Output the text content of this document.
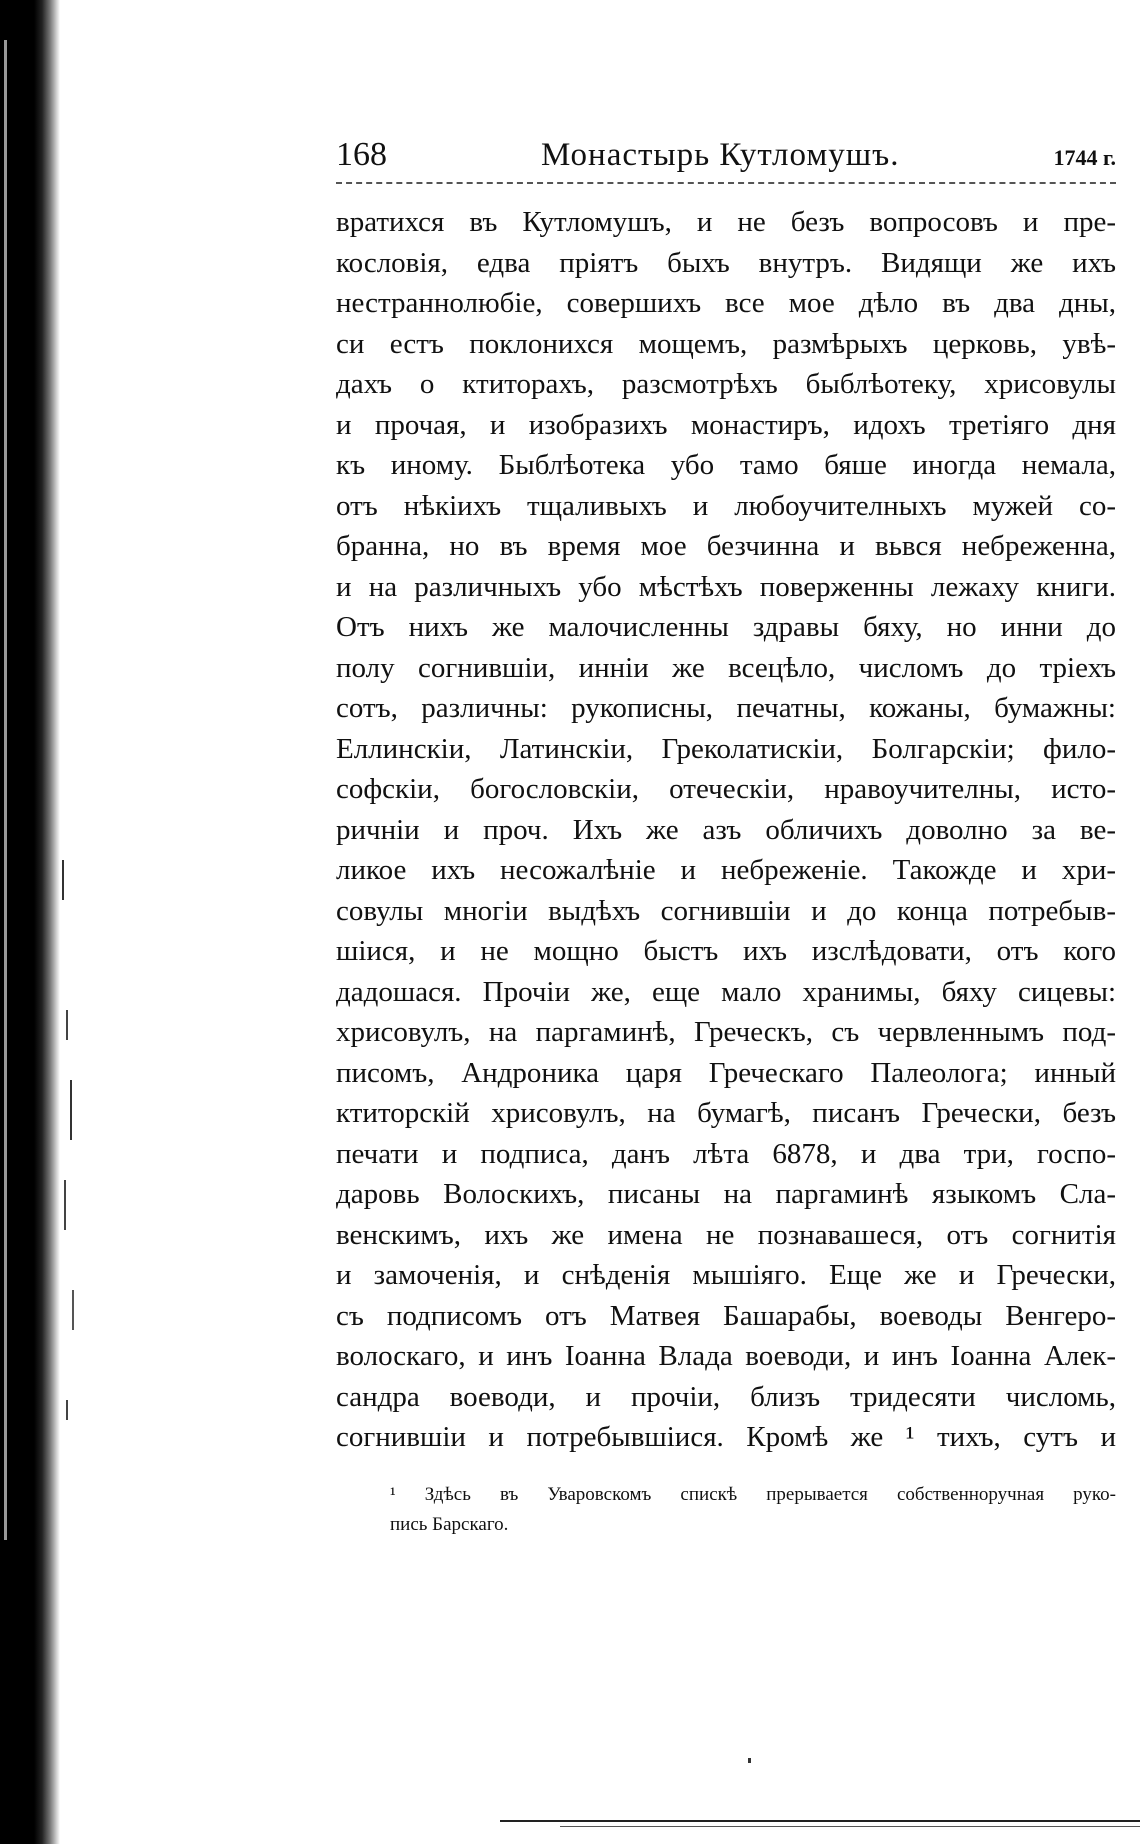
168	Монастырь Кутломушъ.	1744 г.
вратихся въ Кутломушъ, и не безъ вопросовъ и пре-
кословія, едва пріятъ быхъ внутръ. Видящи же ихъ
нестраннолюбіе, совершихъ все мое дѣло въ два дны,
си естъ поклонихся мощемъ, размѣрыхъ церковь, увѣ-
дахъ о ктиторахъ, разсмотрѣхъ быблѣотеку, хрисовулы
и прочая, и изобразихъ монастиръ, идохъ третіяго дня
къ иному. Быблѣотека убо тамо бяше иногда немала,
отъ нѣкіихъ тщаливыхъ и любоучителныхъ мужей со-
бранна, но въ время мое безчинна и вьвся небреженна,
и на различныхъ убо мѣстѣхъ поверженны лежаху книги.
Отъ нихъ же малочисленны здравы бяху, но инни до
полу согнившіи, инніи же всецѣло, числомъ до тріехъ
сотъ, различны: рукописны, печатны, кожаны, бумажны:
Еллинскіи, Латинскіи, Греколатискіи, Болгарскіи; фило-
софскіи, богословскіи, отеческіи, нравоучителны, исто-
ричніи и проч. Ихъ же азъ обличихъ доволно за ве-
ликое ихъ несожалѣніе и небреженіе. Такожде и хри-
совулы многіи выдѣхъ согнившіи и до конца потребыв-
шіися, и не мощно быстъ ихъ изслѣдовати, отъ кого
дадошася. Прочіи же, еще мало хранимы, бяху сицевы:
хрисовулъ, на паргаминѣ, Греческъ, съ червленнымъ под-
писомъ, Андроника царя Греческаго Палеолога; инный
ктиторскій хрисовулъ, на бумагѣ, писанъ Гречески, безъ
печати и подписа, данъ лѣта 6878, и два три, госпо-
даровь Волоскихъ, писаны на паргаминѣ языкомъ Сла-
венскимъ, ихъ же имена не познавашеся, отъ согнитія
и замоченія, и снѣденія мышіяго. Еще же и Гречески,
съ подписомъ отъ Матвея Башарабы, воеводы Венгеро-
волоскаго, и инъ Іоанна Влада воеводи, и инъ Іоанна Алек-
сандра воеводи, и прочіи, близъ тридесяти числомь,
согнившіи и потребывшіися. Кромѣ же ¹ тихъ, сутъ и
¹ Здѣсь въ Уваровскомъ спискѣ прерывается собственноручная руко-
пись Барскаго.
